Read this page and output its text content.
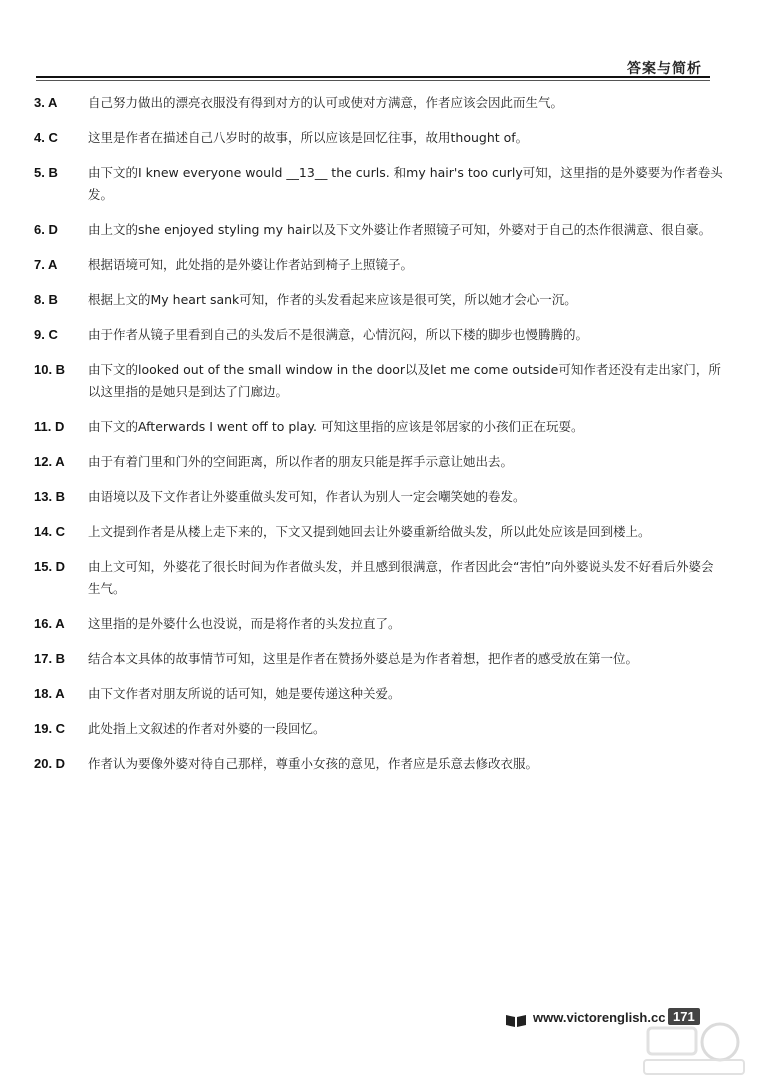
答案与简析
3. A	自己努力做出的漂亮衣服没有得到对方的认可或使对方满意，作者应该会因此而生气。
4. C	这里是作者在描述自己八岁时的故事，所以应该是回忆往事，故用thought of。
5. B	由下文的I knew everyone would __13__ the curls. 和my hair's too curly可知，这里指的是外婆要为作者卷头发。
6. D	由上文的she enjoyed styling my hair以及下文外婆让作者照镜子可知，外婆对于自己的杰作很满意、很自豪。
7. A	根据语境可知，此处指的是外婆让作者站到椅子上照镜子。
8. B	根据上文的My heart sank可知，作者的头发看起来应该是很可笑，所以她才会心一沉。
9. C	由于作者从镜子里看到自己的头发后不是很满意，心情沉闷，所以下楼的脚步也慢腾腾的。
10. B	由下文的looked out of the small window in the door以及let me come outside可知作者还没有走出家门，所以这里指的是她只是到达了门廊边。
11. D	由下文的Afterwards I went off to play. 可知这里指的应该是邻居家的小孩们正在玩耍。
12. A	由于有着门里和门外的空间距离，所以作者的朋友只能是挥手示意让她出去。
13. B	由语境以及下文作者让外婆重做头发可知，作者认为别人一定会嘲笑她的卷发。
14. C	上文提到作者是从楼上走下来的，下文又提到她回去让外婆重新给做头发，所以此处应该是回到楼上。
15. D	由上文可知，外婆花了很长时间为作者做头发，并且感到很满意，作者因此会“害怕”向外婆说头发不好看后外婆会生气。
16. A	这里指的是外婆什么也没说，而是将作者的头发拉直了。
17. B	结合本文具体的故事情节可知，这里是作者在赞扬外婆总是为作者着想，把作者的感受放在第一位。
18. A	由下文作者对朋友所说的话可知，她是要传递这种关爱。
19. C	此处指上文叙述的作者对外婆的一段回忆。
20. D	作者认为要像外婆对待自己那样，尊重小女孩的意见，作者应是乐意去修改衣服。
www.victorenglish.cc 171
